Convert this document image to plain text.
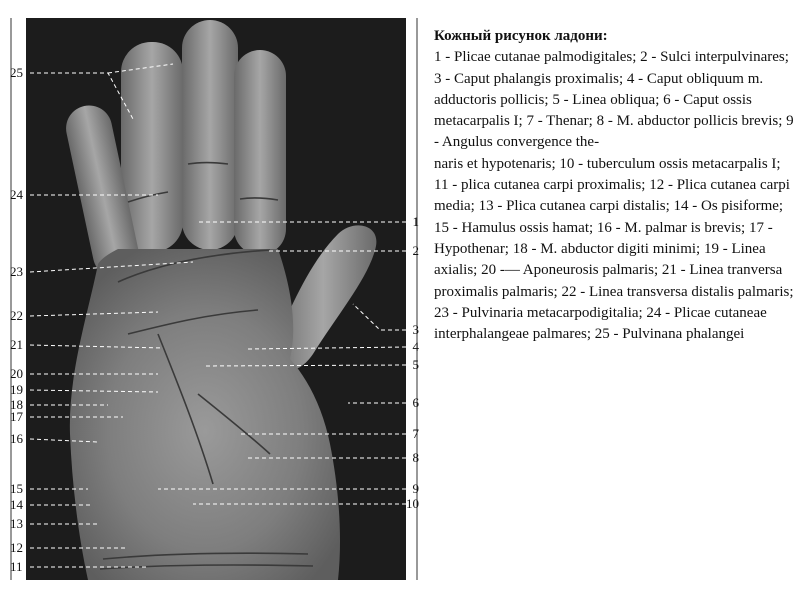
25
24
23
22
21
20
19
18
17
16
15
14
13
12
11
1
2
3
4
5
6
7
8
9
10

Кожный рисунок ладони:

1 - Plicae cutanae palmodigitales; 2 - Sulci interpulvinares; 3 - Caput phalangis proximalis; 4 - Caput obliquum m. adductoris pollicis; 5 - Linea obliqua; 6 - Caput ossis metacarpalis I; 7 - Thenar; 8 - M. abductor pollicis brevis; 9 - Angulus convergence the-
naris et hypotenaris; 10 - tuberculum ossis metacarpalis I; 11 - plica cutanea carpi proximalis; 12 - Plica cutanea carpi media; 13 - Plica cutanea carpi distalis; 14 - Os pisiforme; 15 - Hamulus ossis hamat; 16 - M. palmar is brevis; 17 - Hypothenar; 18 - M. abductor digiti minimi; 19 - Linea axialis; 20 -— Aponeurosis palmaris; 21 - Linea tranversa proximalis palmaris; 22 - Linea transversa distalis palmaris; 23 - Pulvinaria metacarpodigitalia; 24 - Plicae cutaneae interphalangeae palmares; 25 - Pulvinana phalangei
